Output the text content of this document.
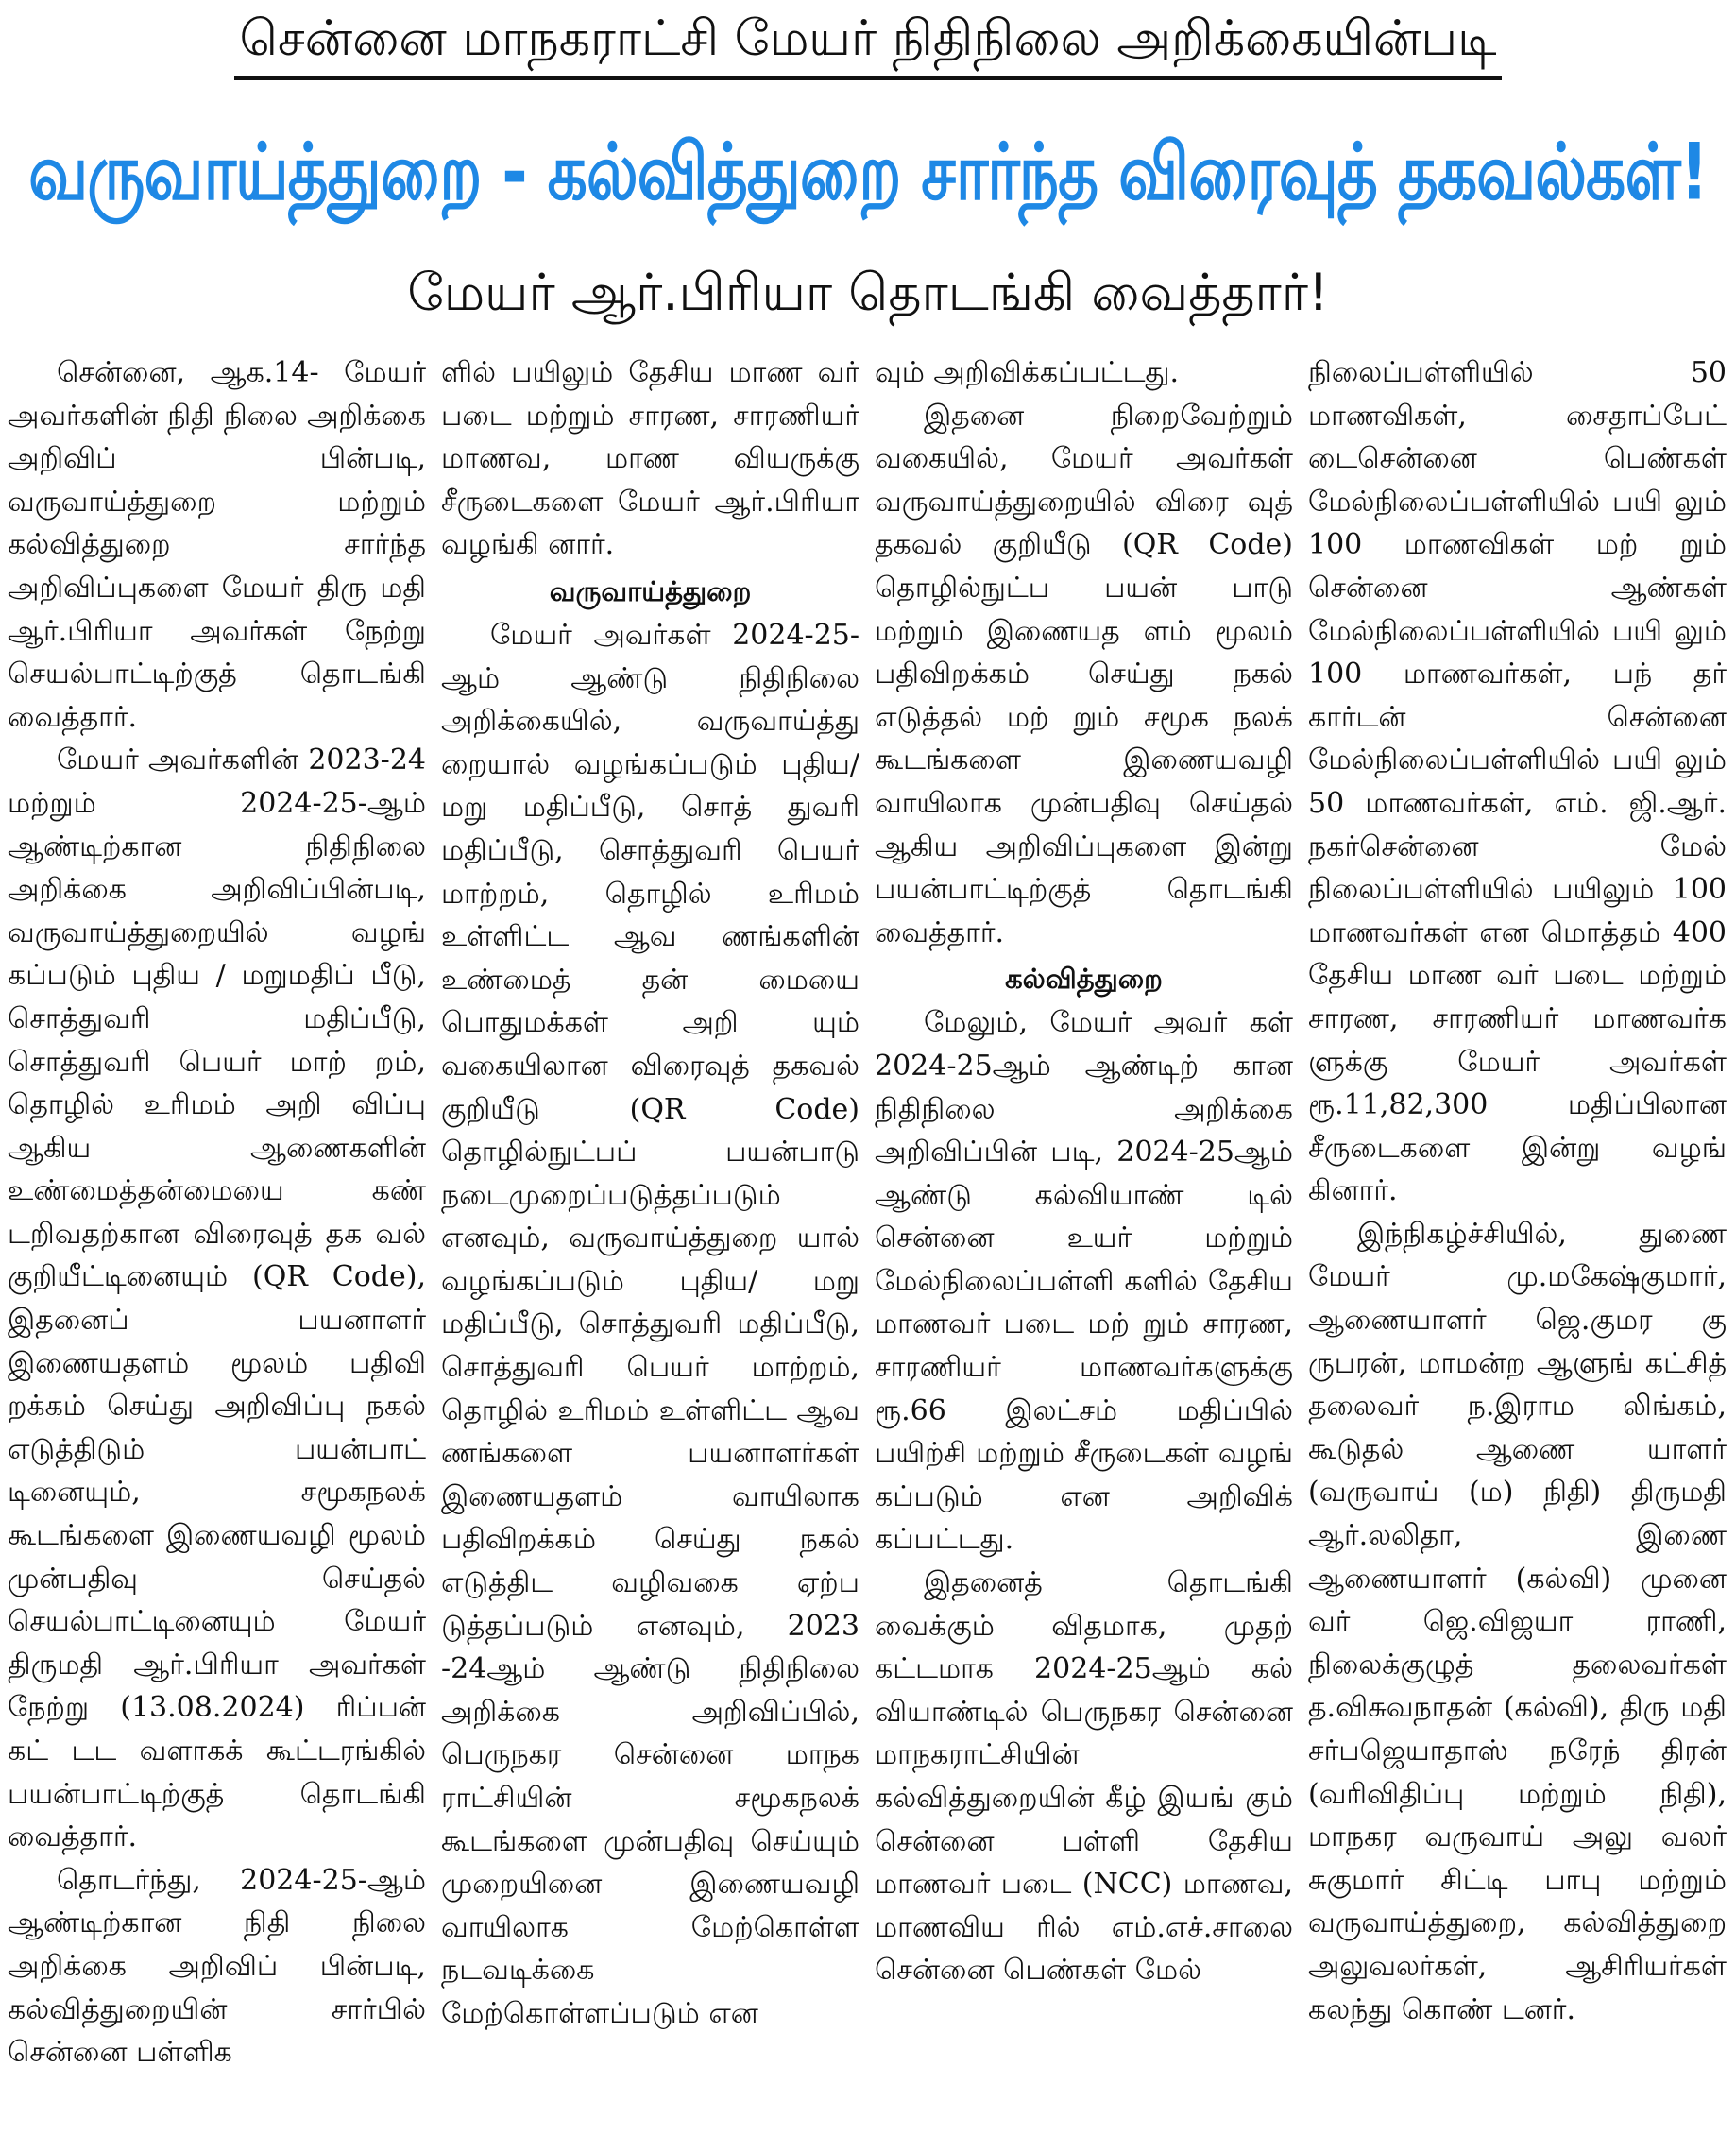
சென்னை மாநகராட்சி மேயர் நிதிநிலை அறிக்கையின்படி
வருவாய்த்துறை - கல்வித்துறை சார்ந்த விரைவுத் தகவல்கள்!
மேயர் ஆர்.பிரியா தொடங்கி வைத்தார்!

சென்னை, ஆக.14- மேயர் அவர்களின் நிதி நிலை அறிக்கை அறிவிப் பின்படி, வருவாய்த்துறை மற்றும் கல்வித்துறை சார்ந்த அறிவிப்புகளை மேயர் திரு மதி ஆர்.பிரியா அவர்கள் நேற்று செயல்பாட்டிற்குத் தொடங்கி வைத்தார்.

மேயர் அவர்களின் 2023-24 மற்றும் 2024-25-ஆம் ஆண்டிற்கான நிதிநிலை அறிக்கை அறிவிப்பின்படி, வருவாய்த்துறையில் வழங் கப்படும் புதிய / மறுமதிப் பீடு, சொத்துவரி மதிப்பீடு, சொத்துவரி பெயர் மாற் றம், தொழில் உரிமம் அறி விப்பு ஆகிய ஆணைகளின் உண்மைத்தன்மையை கண் டறிவதற்கான விரைவுத் தக வல் குறியீட்டினையும் (QR Code), இதனைப் பயனாளர் இணையதளம் மூலம் பதிவி றக்கம் செய்து அறிவிப்பு நகல் எடுத்திடும் பயன்பாட் டினையும், சமூகநலக் கூடங்களை இணையவழி மூலம் முன்பதிவு செய்தல் செயல்பாட்டினையும் மேயர் திருமதி ஆர்.பிரியா அவர்கள் நேற்று (13.08.2024) ரிப்பன் கட் டட வளாகக் கூட்டரங்கில் பயன்பாட்டிற்குத் தொடங்கி வைத்தார்.

தொடர்ந்து, 2024-25-ஆம் ஆண்டிற்கான நிதி நிலை அறிக்கை அறிவிப் பின்படி, கல்வித்துறையின் சார்பில் சென்னை பள்ளிக

ளில் பயிலும் தேசிய மாண வர் படை மற்றும் சாரண, சாரணியர் மாணவ, மாண வியருக்கு சீருடைகளை மேயர் ஆர்.பிரியா வழங்கி னார்.

வருவாய்த்துறை

மேயர் அவர்கள் 2024-25-ஆம் ஆண்டு நிதிநிலை அறிக்கையில், வருவாய்த்து றையால் வழங்கப்படும் புதிய/மறு மதிப்பீடு, சொத் துவரி மதிப்பீடு, சொத்துவரி பெயர் மாற்றம், தொழில் உரிமம் உள்ளிட்ட ஆவ ணங்களின் உண்மைத் தன் மையை பொதுமக்கள் அறி யும் வகையிலான விரைவுத் தகவல் குறியீடு (QR Code) தொழில்நுட்பப் பயன்பாடு நடைமுறைப்படுத்தப்படும் எனவும், வருவாய்த்துறை யால் வழங்கப்படும் புதிய/ மறு மதிப்பீடு, சொத்துவரி மதிப்பீடு, சொத்துவரி பெயர் மாற்றம், தொழில் உரிமம் உள்ளிட்ட ஆவ ணங்களை பயனாளர்கள் இணையதளம் வாயிலாக பதிவிறக்கம் செய்து நகல் எடுத்திட வழிவகை ஏற்ப டுத்தப்படும் எனவும், 2023 -24ஆம் ஆண்டு நிதிநிலை அறிக்கை அறிவிப்பில், பெருநகர சென்னை மாநக ராட்சியின் சமூகநலக் கூடங்களை முன்பதிவு செய்யும் முறையினை இணையவழி வாயிலாக மேற்கொள்ள நடவடிக்கை மேற்கொள்ளப்படும் என

வும் அறிவிக்கப்பட்டது.

இதனை நிறைவேற்றும் வகையில், மேயர் அவர்கள் வருவாய்த்துறையில் விரை வுத் தகவல் குறியீடு (QR Code) தொழில்நுட்ப பயன் பாடு மற்றும் இணையத ளம் மூலம் பதிவிறக்கம் செய்து நகல் எடுத்தல் மற் றும் சமூக நலக் கூடங்களை இணையவழி வாயிலாக முன்பதிவு செய்தல் ஆகிய அறிவிப்புகளை இன்று பயன்பாட்டிற்குத் தொடங்கி வைத்தார்.

கல்வித்துறை

மேலும், மேயர் அவர் கள் 2024-25ஆம் ஆண்டிற் கான நிதிநிலை அறிக்கை அறிவிப்பின் படி, 2024-25ஆம் ஆண்டு கல்வியாண் டில் சென்னை உயர் மற்றும் மேல்நிலைப்பள்ளி களில் தேசிய மாணவர் படை மற் றும் சாரண, சாரணியர் மாணவர்களுக்கு ரூ.66 இலட்சம் மதிப்பில் பயிற்சி மற்றும் சீருடைகள் வழங் கப்படும் என அறிவிக் கப்பட்டது.

இதனைத் தொடங்கி வைக்கும் விதமாக, முதற் கட்டமாக 2024-25ஆம் கல் வியாண்டில் பெருநகர சென்னை மாநகராட்சியின் கல்வித்துறையின் கீழ் இயங் கும் சென்னை பள்ளி தேசிய மாணவர் படை (NCC) மாணவ, மாணவிய ரில் எம்.எச்.சாலை சென்னை பெண்கள் மேல்

நிலைப்பள்ளியில் 50 மாணவிகள், சைதாப்பேட் டைசென்னை பெண்கள் மேல்நிலைப்பள்ளியில் பயி லும் 100 மாணவிகள் மற் றும் சென்னை ஆண்கள் மேல்நிலைப்பள்ளியில் பயி லும் 100 மாணவர்கள், பந் தர் கார்டன் சென்னை மேல்நிலைப்பள்ளியில் பயி லும் 50 மாணவர்கள், எம். ஜி.ஆர். நகர்சென்னை மேல் நிலைப்பள்ளியில் பயிலும் 100 மாணவர்கள் என மொத்தம் 400 தேசிய மாண வர் படை மற்றும் சாரண, சாரணியர் மாணவர்க ளுக்கு மேயர் அவர்கள் ரூ.11,82,300 மதிப்பிலான சீருடைகளை இன்று வழங் கினார்.

இந்நிகழ்ச்சியில், துணை மேயர் மு.மகேஷ்குமார், ஆணையாளர் ஜெ.குமர கு ருபரன், மாமன்ற ஆளுங் கட்சித் தலைவர் ந.இராம லிங்கம், கூடுதல் ஆணை யாளர் (வருவாய் (ம) நிதி) திருமதி ஆர்.லலிதா, இணை ஆணையாளர் (கல்வி) முனை வர் ஜெ.விஜயா ராணி, நிலைக்குழுத் தலைவர்கள் த.விசுவநாதன் (கல்வி), திரு மதி சர்பஜெயாதாஸ் நரேந் திரன் (வரிவிதிப்பு மற்றும் நிதி), மாநகர வருவாய் அலு வலர் சுகுமார் சிட்டி பாபு மற்றும் வருவாய்த்துறை, கல்வித்துறை அலுவலர்கள், ஆசிரியர்கள் கலந்து கொண் டனர்.
